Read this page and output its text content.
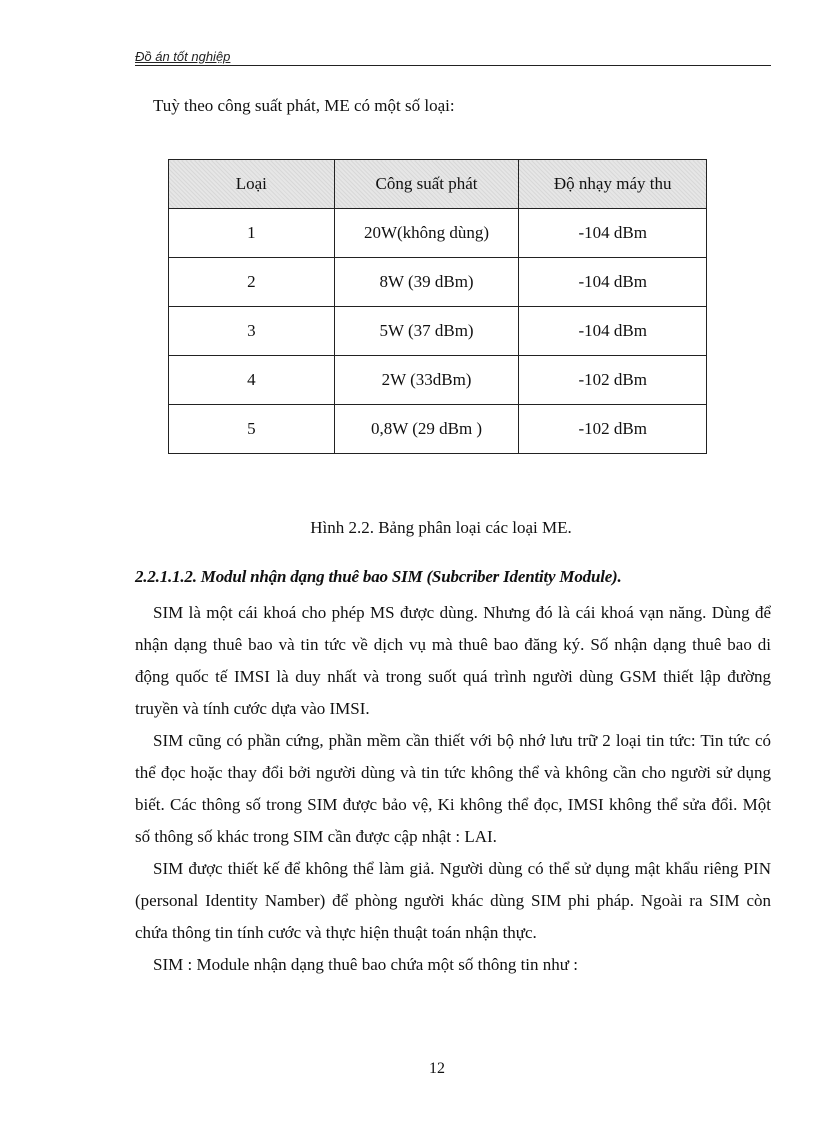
Đồ án tốt nghiệp
Tuỳ theo công suất phát, ME có một số loại:
Loại	Công suất phát	Độ nhạy máy thu
1	20W(không dùng)	-104 dBm
2	8W (39 dBm)	-104 dBm
3	5W (37 dBm)	-104 dBm
4	2W (33dBm)	-102 dBm
5	0,8W (29 dBm )	-102 dBm
Hình 2.2. Bảng phân loại các loại ME.
2.2.1.1.2. Modul nhận dạng thuê bao SIM (Subcriber Identity Module).

SIM là một cái khoá cho phép MS được dùng. Nhưng đó là cái khoá vạn năng. Dùng để nhận dạng thuê bao và tin tức về dịch vụ mà thuê bao đăng ký. Số nhận dạng thuê bao di động quốc tế IMSI là duy nhất và trong suốt quá trình người dùng GSM thiết lập đường truyền và tính cước dựa vào IMSI.

SIM cũng có phần cứng, phần mềm cần thiết với bộ nhớ lưu trữ 2 loại tin tức: Tin tức có thể đọc hoặc thay đổi bởi người dùng và tin tức không thể và không cần cho người sử dụng biết. Các thông số trong SIM được bảo vệ, Ki không thể đọc, IMSI không thể sửa đổi. Một số thông số khác trong SIM cần được cập nhật : LAI.

SIM được thiết kế để không thể làm giả. Người dùng có thể sử dụng mật khẩu riêng PIN (personal Identity Namber) để phòng người khác dùng SIM phi pháp. Ngoài ra SIM còn chứa thông tin tính cước và thực hiện thuật toán nhận thực.

SIM : Module nhận dạng thuê bao chứa một số thông tin như :

12
